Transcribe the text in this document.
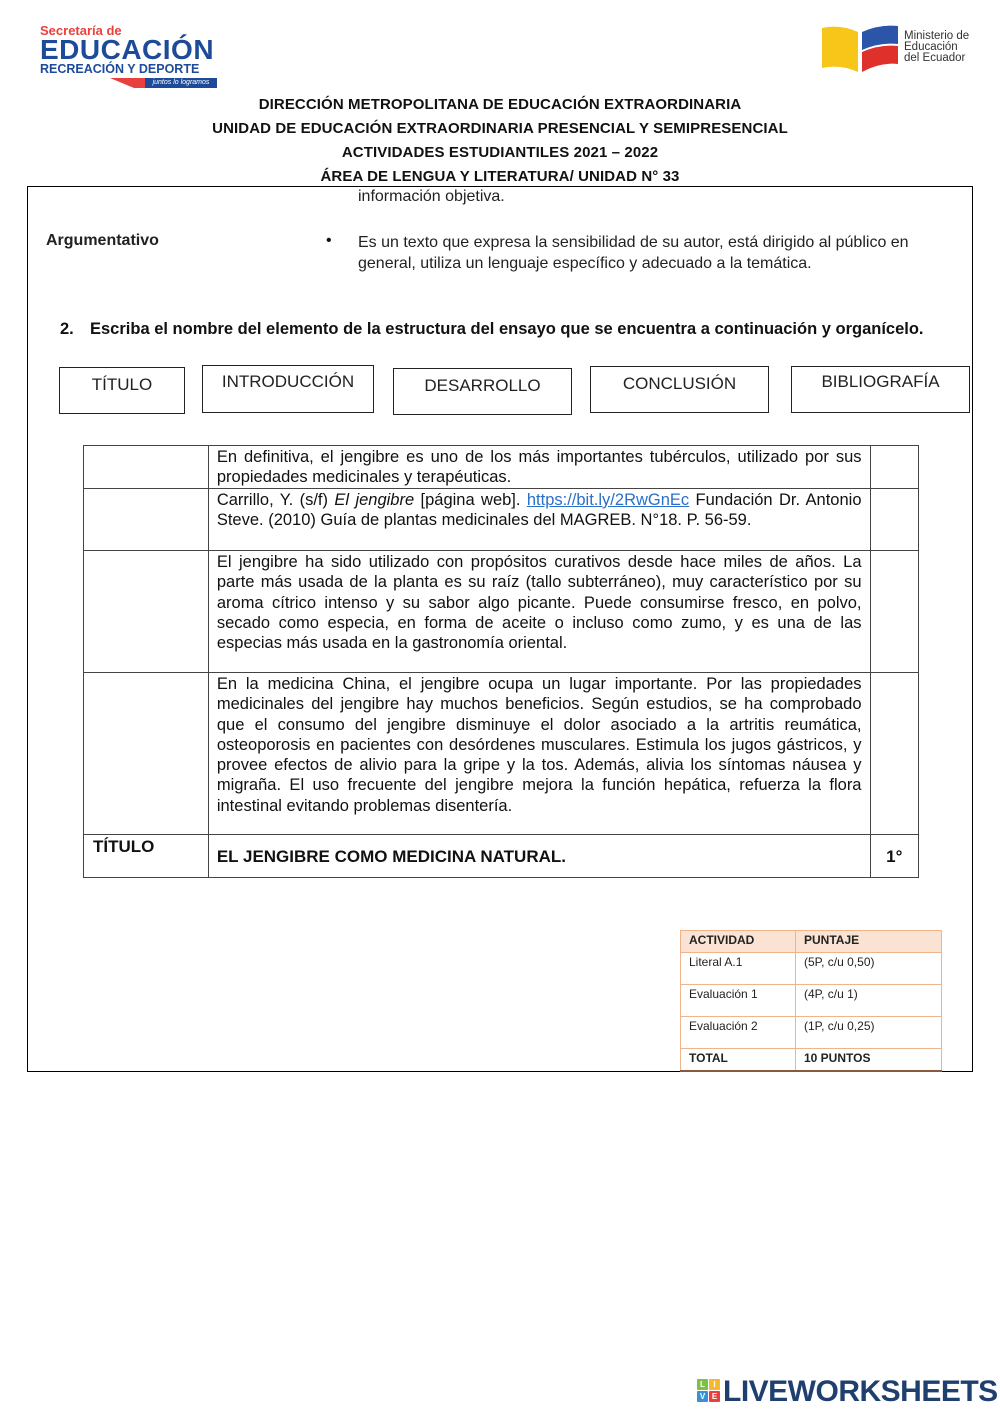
Secretaría de
EDUCACIÓN
RECREACIÓN Y DEPORTE
juntos lo logramos
Ministerio de
Educación
del Ecuador
DIRECCIÓN METROPOLITANA DE EDUCACIÓN EXTRAORDINARIA
UNIDAD DE EDUCACIÓN EXTRAORDINARIA PRESENCIAL Y SEMIPRESENCIAL
ACTIVIDADES ESTUDIANTILES 2021 – 2022
ÁREA DE LENGUA Y LITERATURA/ UNIDAD N° 33
información objetiva.
Argumentativo	• Es un texto que expresa la sensibilidad de su autor, está dirigido al público en general, utiliza un lenguaje específico y adecuado a la temática.
2. Escriba el nombre del elemento de la estructura del ensayo que se encuentra a continuación y organícelo.
TÍTULO	INTRODUCCIÓN	DESARROLLO	CONCLUSIÓN	BIBLIOGRAFÍA
	En definitiva, el jengibre es uno de los más importantes tubérculos, utilizado por sus propiedades medicinales y terapéuticas.	

	Carrillo, Y. (s/f) El jengibre [página web]. https://bit.ly/2RwGnEc Fundación Dr. Antonio Steve. (2010) Guía de plantas medicinales del MAGREB. N°18. P. 56-59.	

	El jengibre ha sido utilizado con propósitos curativos desde hace miles de años. La parte más usada de la planta es su raíz (tallo subterráneo), muy característico por su aroma cítrico intenso y su sabor algo picante. Puede consumirse fresco, en polvo, secado como especia, en forma de aceite o incluso como zumo, y es una de las especias más usada en la gastronomía oriental.	

	En la medicina China, el jengibre ocupa un lugar importante. Por las propiedades medicinales del jengibre hay muchos beneficios. Según estudios, se ha comprobado que el consumo del jengibre disminuye el dolor asociado a la artritis reumática, osteoporosis en pacientes con desórdenes musculares. Estimula los jugos gástricos, y provee efectos de alivio para la gripe y la tos. Además, alivia los síntomas náusea y migraña. El uso frecuente del jengibre mejora la función hepática, refuerza la flora intestinal evitando problemas disentería.	

TÍTULO	EL JENGIBRE COMO MEDICINA NATURAL.	1°
ACTIVIDAD	PUNTAJE
Literal A.1	(5P, c/u 0,50)
Evaluación 1	(4P, c/u 1)
Evaluación 2	(1P, c/u 0,25)
TOTAL	10 PUNTOS
L	I
V E LIVEWORKSHEETS
